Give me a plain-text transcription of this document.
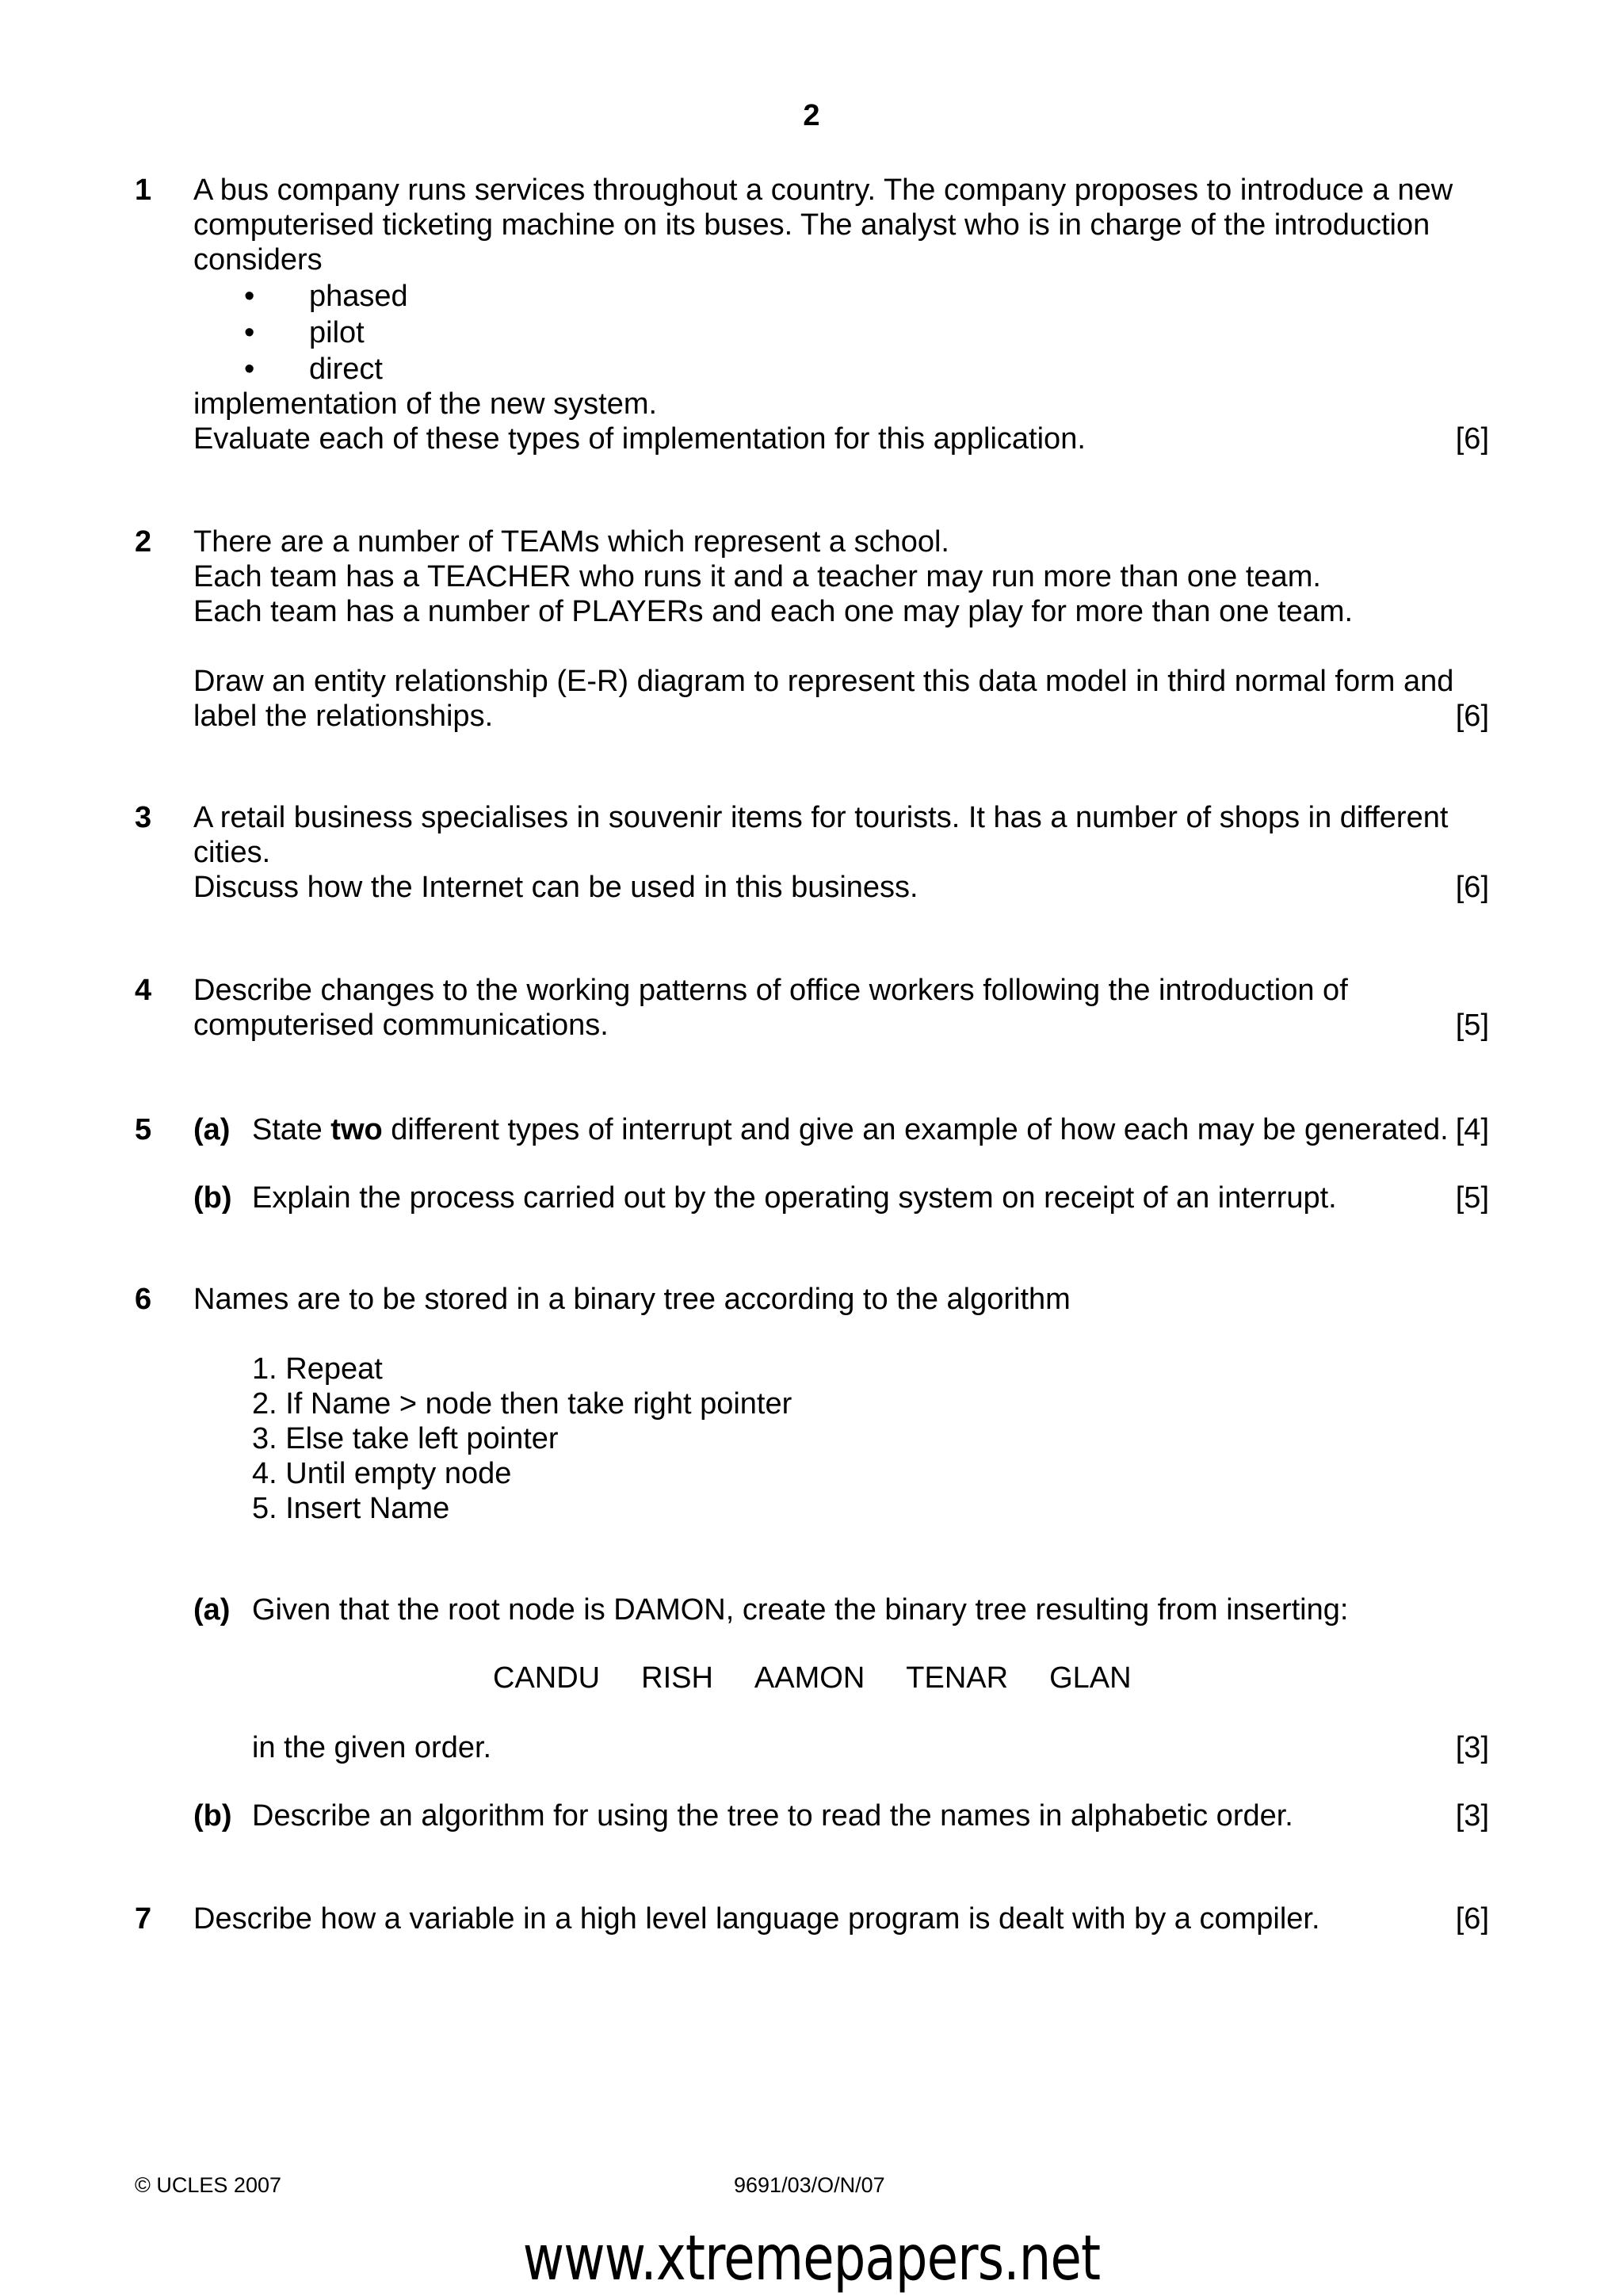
2
1 A bus company runs services throughout a country. The company proposes to introduce a new
computerised ticketing machine on its buses. The analyst who is in charge of the introduction
considers
• phased
• pilot
• direct
implementation of the new system.
Evaluate each of these types of implementation for this application.	[6]
2 There are a number of TEAMs which represent a school.
Each team has a TEACHER who runs it and a teacher may run more than one team.
Each team has a number of PLAYERs and each one may play for more than one team.
Draw an entity relationship (E-R) diagram to represent this data model in third normal form and
label the relationships.	[6]
3 A retail business specialises in souvenir items for tourists. It has a number of shops in different
cities.
Discuss how the Internet can be used in this business.	[6]
4 Describe changes to the working patterns of office workers following the introduction of
computerised communications.	[5]
5 (a) State two different types of interrupt and give an example of how each may be generated. [4]
(b) Explain the process carried out by the operating system on receipt of an interrupt.	[5]
6 Names are to be stored in a binary tree according to the algorithm
1. Repeat
2. If Name > node then take right pointer
3. Else take left pointer
4. Until empty node
5. Insert Name
(a) Given that the root node is DAMON, create the binary tree resulting from inserting:
CANDU RISH AAMON TENAR GLAN
in the given order.	[3]
(b) Describe an algorithm for using the tree to read the names in alphabetic order.	[3]
7 Describe how a variable in a high level language program is dealt with by a compiler.	[6]
© UCLES 2007	9691/03/O/N/07
www.xtremepapers.net
